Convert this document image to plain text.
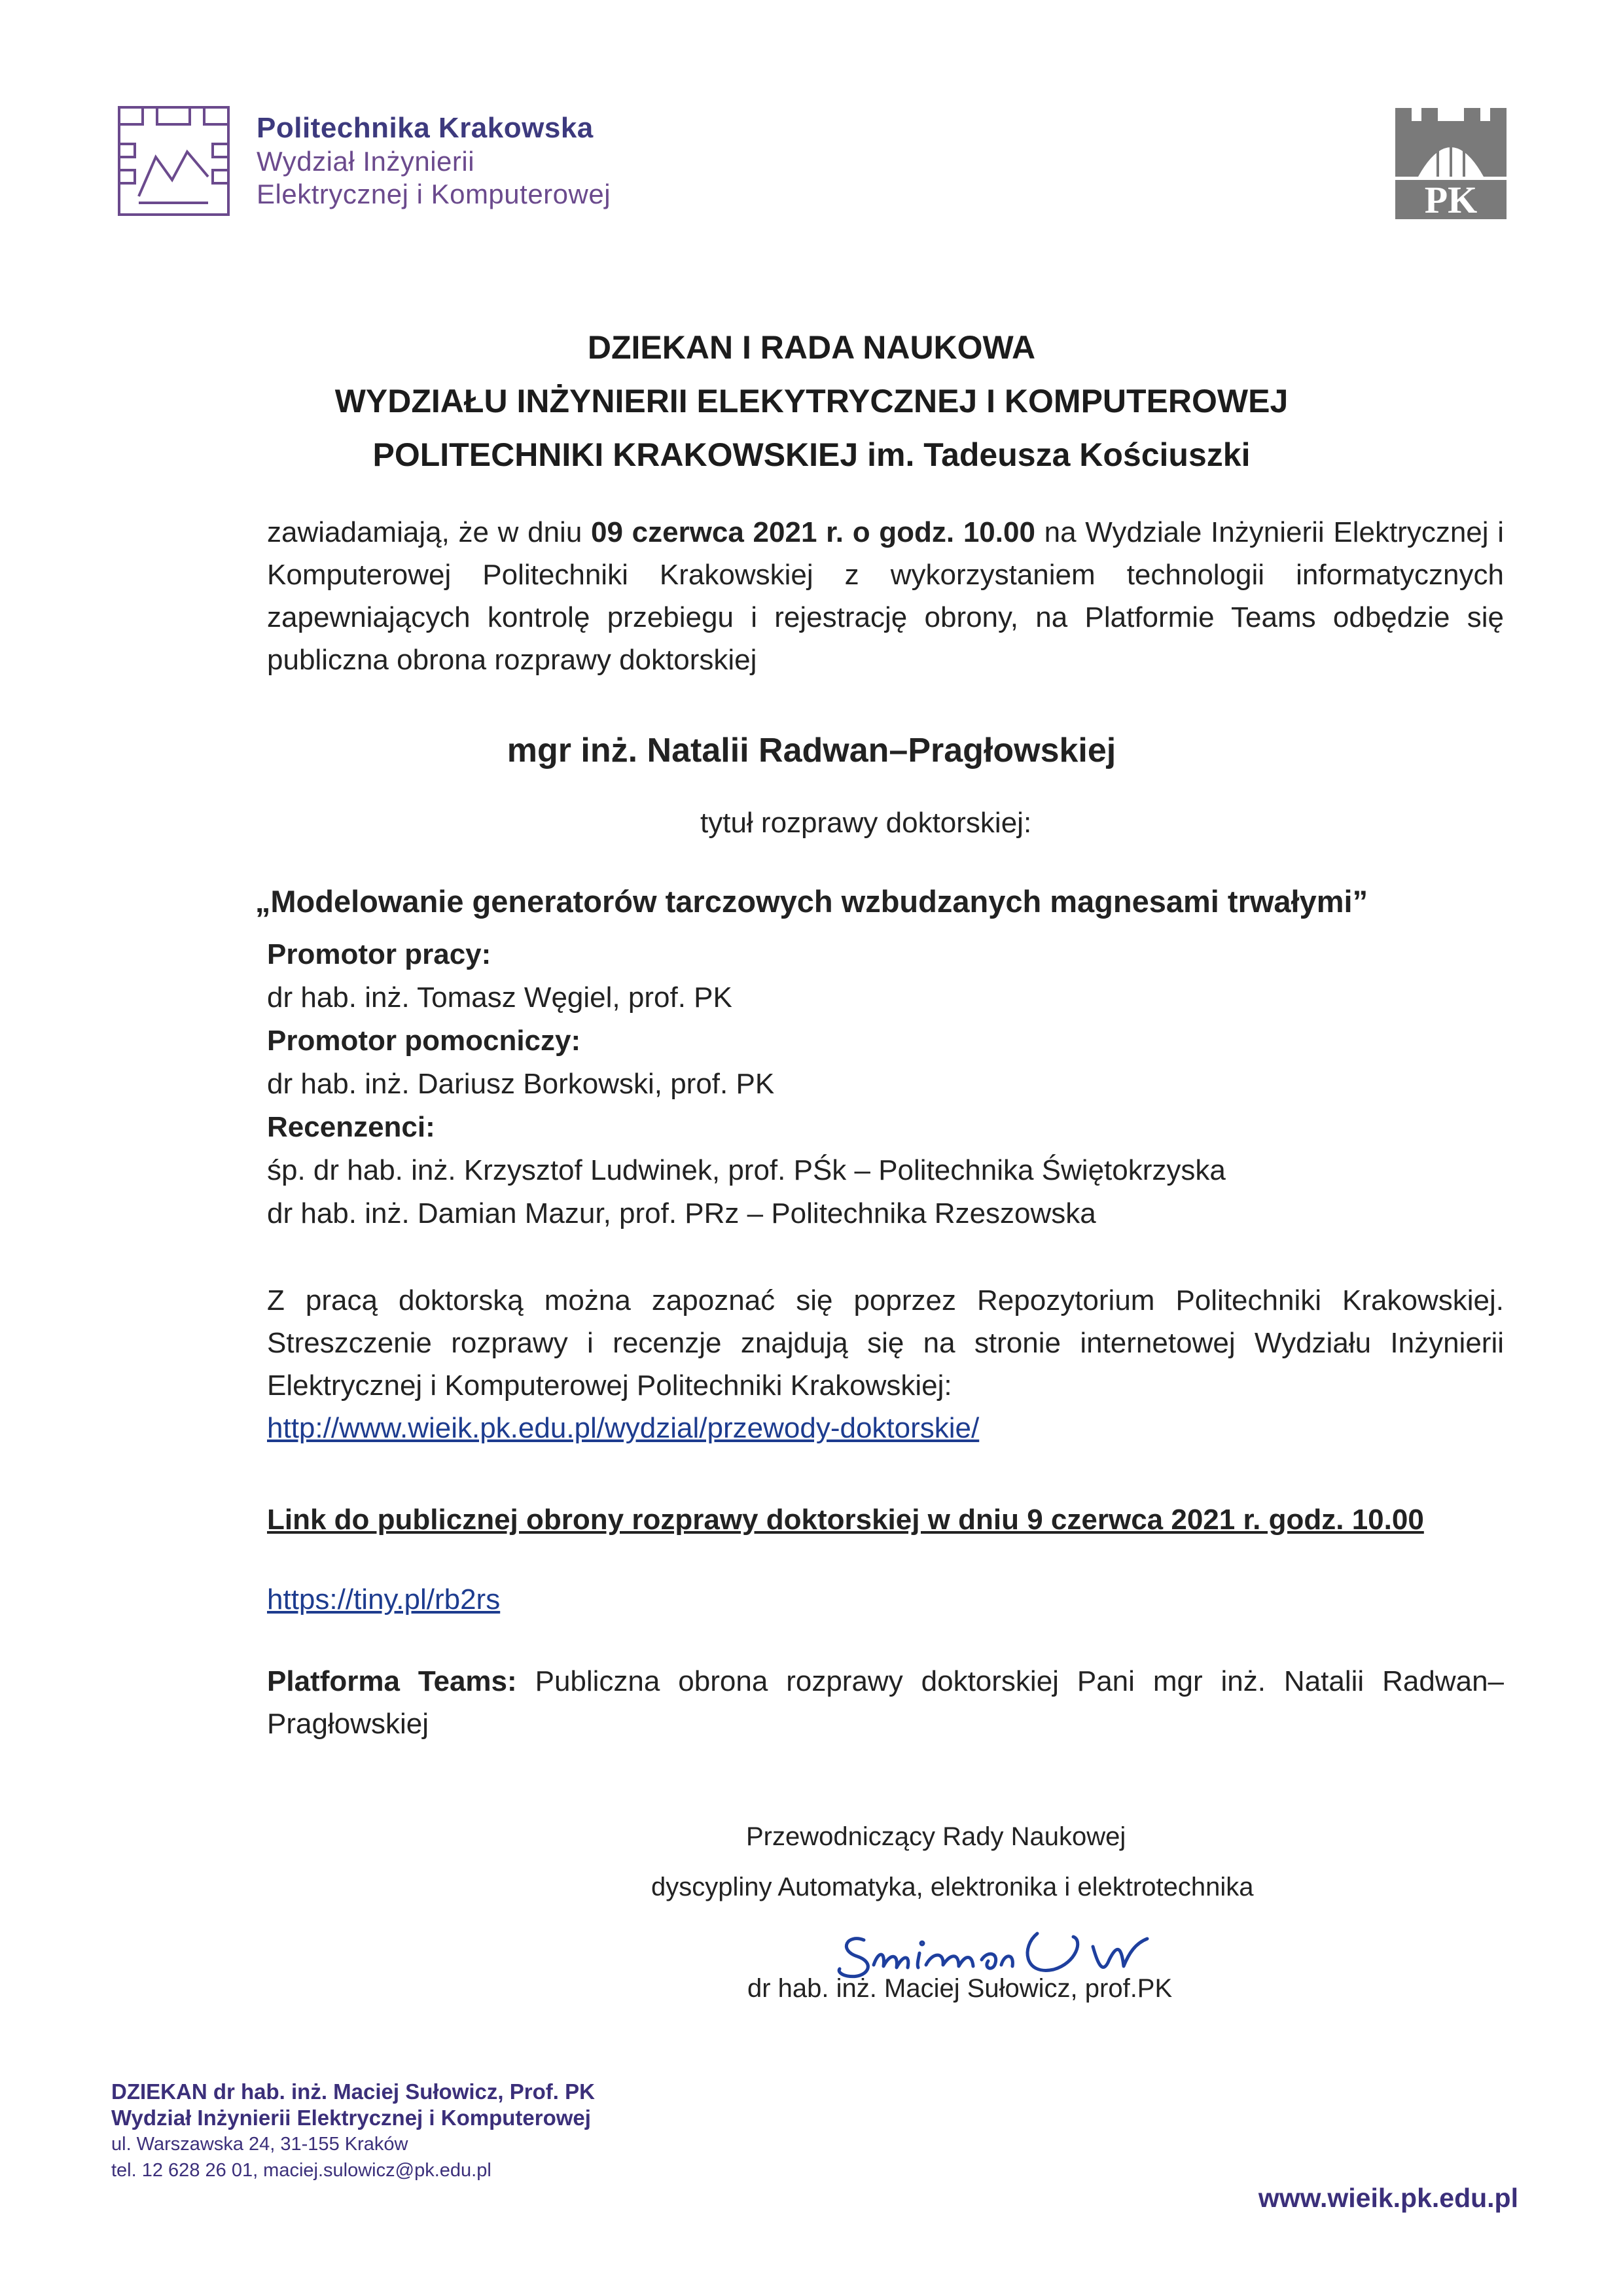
Politechnika Krakowska
Wydział Inżynierii
Elektrycznej i Komputerowej	PK
DZIEKAN I RADA NAUKOWA
WYDZIAŁU INŻYNIERII ELEKYTRYCZNEJ I KOMPUTEROWEJ
POLITECHNIKI KRAKOWSKIEJ im. Tadeusza Kościuszki
zawiadamiają, że w dniu 09 czerwca 2021 r. o godz. 10.00 na Wydziale Inżynierii Elektrycznej i Komputerowej Politechniki Krakowskiej z wykorzystaniem technologii informatycznych zapewniających kontrolę przebiegu i rejestrację obrony, na Platformie Teams odbędzie się publiczna obrona rozprawy doktorskiej
mgr inż. Natalii Radwan–Pragłowskiej
tytuł rozprawy doktorskiej:
„Modelowanie generatorów tarczowych wzbudzanych magnesami trwałymi”
Promotor pracy:
dr hab. inż. Tomasz Węgiel, prof. PK
Promotor pomocniczy:
dr hab. inż. Dariusz Borkowski, prof. PK
Recenzenci:
śp. dr hab. inż. Krzysztof Ludwinek, prof. PŚk – Politechnika Świętokrzyska
dr hab. inż. Damian Mazur, prof. PRz – Politechnika Rzeszowska
Z pracą doktorską można zapoznać się poprzez Repozytorium Politechniki Krakowskiej. Streszczenie rozprawy i recenzje znajdują się na stronie internetowej Wydziału Inżynierii Elektrycznej i Komputerowej Politechniki Krakowskiej:
http://www.wieik.pk.edu.pl/wydzial/przewody-doktorskie/
Link do publicznej obrony rozprawy doktorskiej w dniu 9 czerwca 2021 r. godz. 10.00
https://tiny.pl/rb2rs
Platforma Teams: Publiczna obrona rozprawy doktorskiej Pani mgr inż. Natalii Radwan–Pragłowskiej
Przewodniczący Rady Naukowej
dyscypliny Automatyka, elektronika i elektrotechnika
dr hab. inż. Maciej Sułowicz, prof.PK
DZIEKAN dr hab. inż. Maciej Sułowicz, Prof. PK
Wydział Inżynierii Elektrycznej i Komputerowej
ul. Warszawska 24, 31-155 Kraków
tel. 12 628 26 01, maciej.sulowicz@pk.edu.pl
www.wieik.pk.edu.pl
